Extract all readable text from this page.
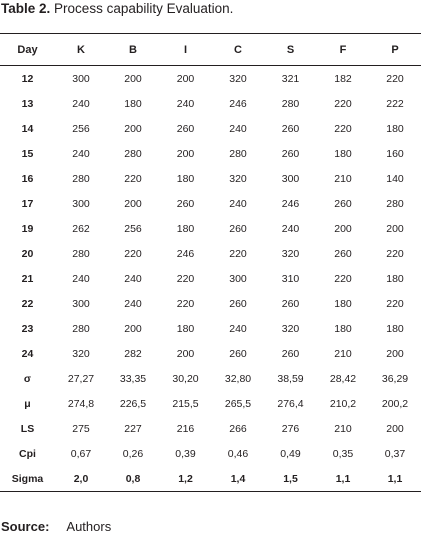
Table 2. Process capability Evaluation.
Day	K	B	I	C	S	F	P
12	300	200	200	320	321	182	220
13	240	180	240	246	280	220	222
14	256	200	260	240	260	220	180
15	240	280	200	280	260	180	160
16	280	220	180	320	300	210	140
17	300	200	260	240	246	260	280
19	262	256	180	260	240	200	200
20	280	220	246	220	320	260	220
21	240	240	220	300	310	220	180
22	300	240	220	260	260	180	220
23	280	200	180	240	320	180	180
24	320	282	200	260	260	210	200
σ	27,27	33,35	30,20	32,80	38,59	28,42	36,29
μ	274,8	226,5	215,5	265,5	276,4	210,2	200,2
LS	275	227	216	266	276	210	200
Cpi	0,67	0,26	0,39	0,46	0,49	0,35	0,37
Sigma	2,0	0,8	1,2	1,4	1,5	1,1	1,1
Source: Authors
